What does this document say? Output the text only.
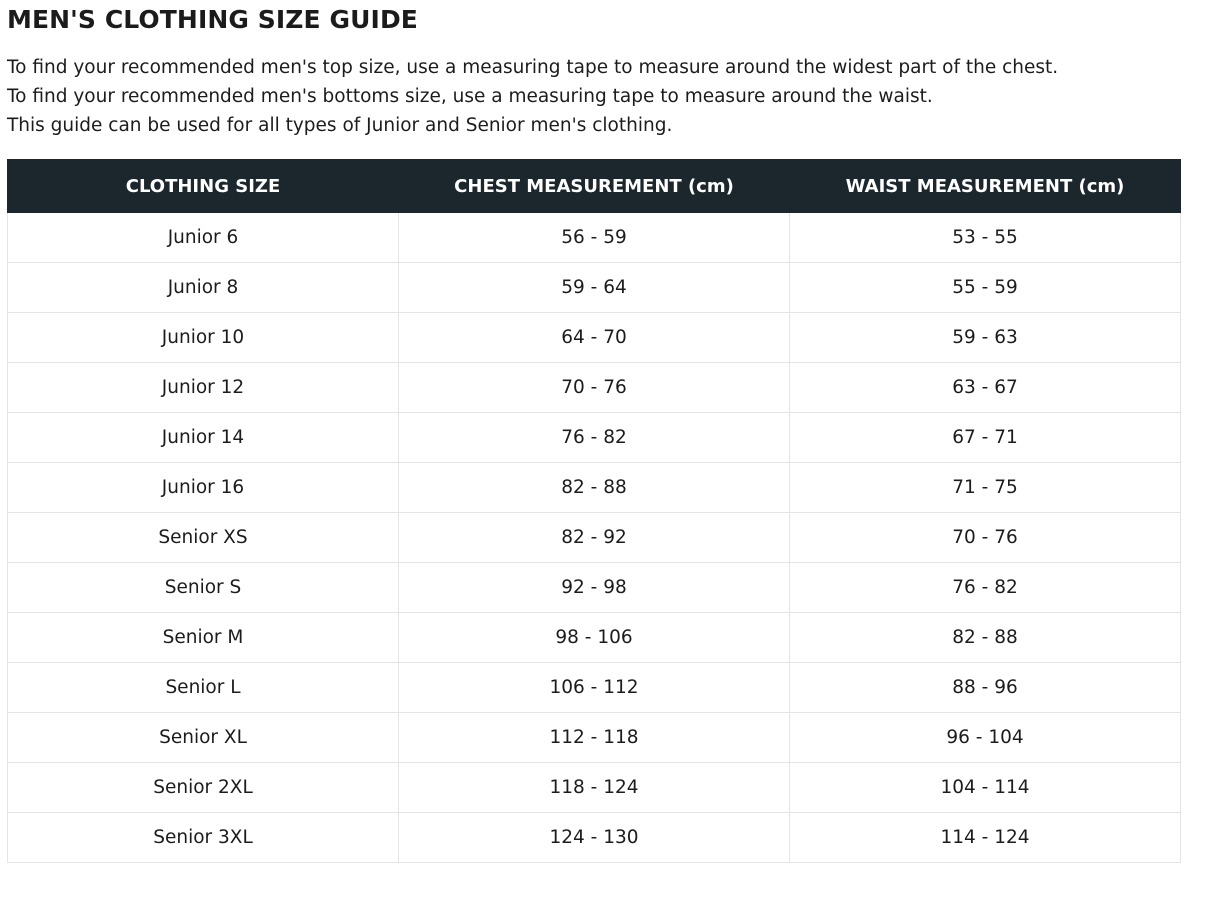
MEN'S CLOTHING SIZE GUIDE
To find your recommended men's top size, use a measuring tape to measure around the widest part of the chest.
To find your recommended men's bottoms size, use a measuring tape to measure around the waist.
This guide can be used for all types of Junior and Senior men's clothing.
CLOTHING SIZE	CHEST MEASUREMENT (cm)	WAIST MEASUREMENT (cm)
Junior 6	56 - 59	53 - 55
Junior 8	59 - 64	55 - 59
Junior 10	64 - 70	59 - 63
Junior 12	70 - 76	63 - 67
Junior 14	76 - 82	67 - 71
Junior 16	82 - 88	71 - 75
Senior XS	82 - 92	70 - 76
Senior S	92 - 98	76 - 82
Senior M	98 - 106	82 - 88
Senior L	106 - 112	88 - 96
Senior XL	112 - 118	96 - 104
Senior 2XL	118 - 124	104 - 114
Senior 3XL	124 - 130	114 - 124
